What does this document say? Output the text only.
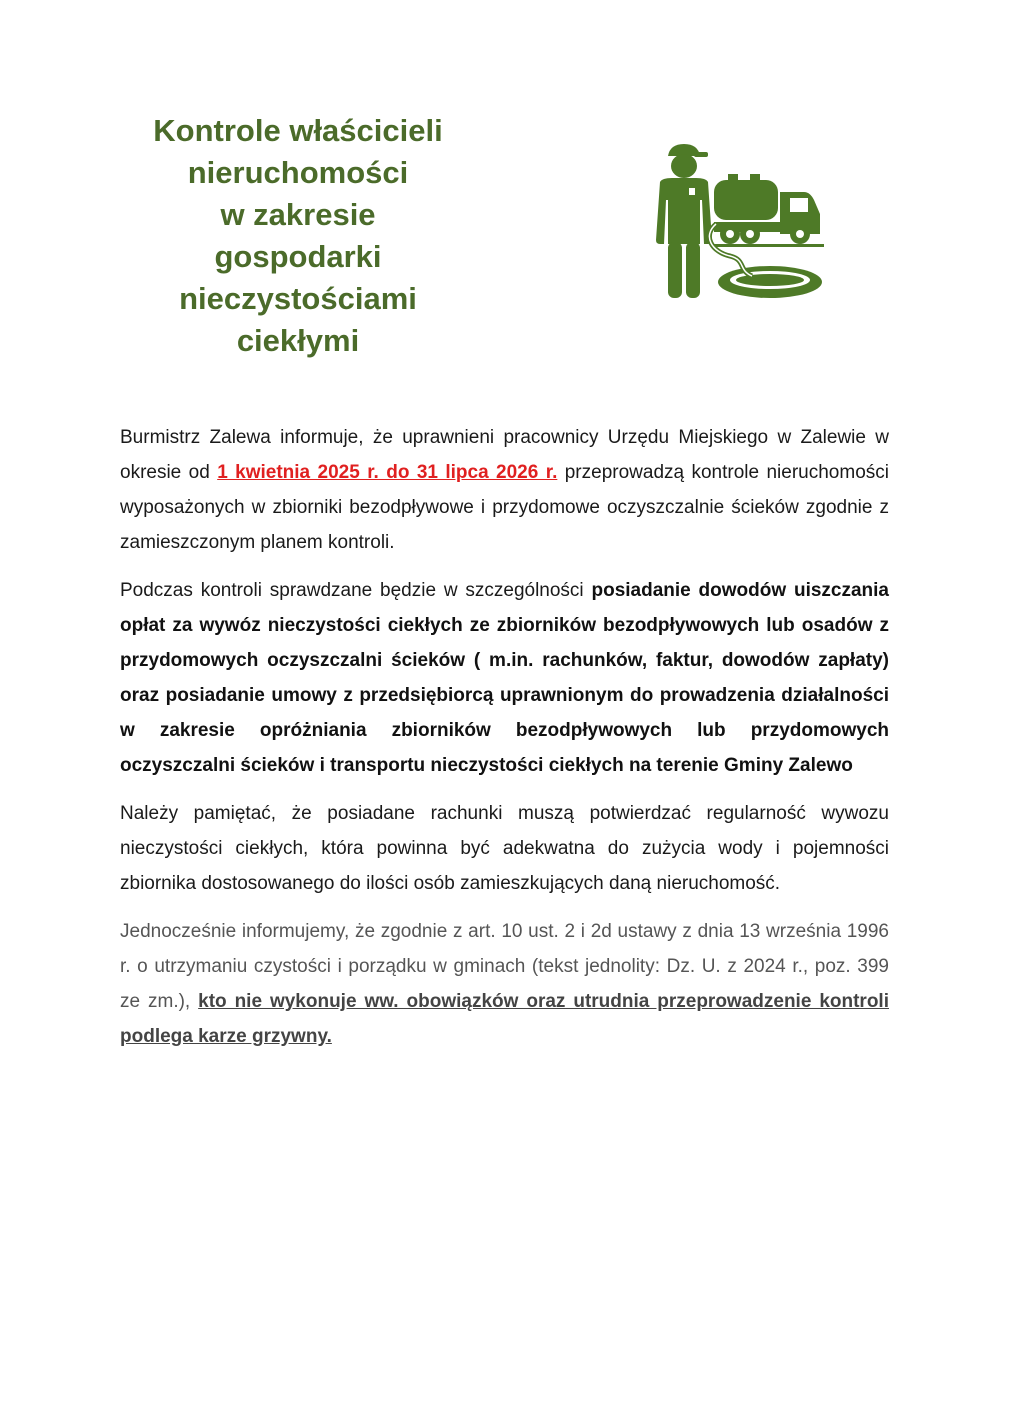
Kontrole właścicieli
nieruchomości
w zakresie
gospodarki
nieczystościami
ciekłymi

Burmistrz Zalewa informuje, że uprawnieni pracownicy Urzędu Miejskiego w Zalewie w okresie od 1 kwietnia 2025 r. do 31 lipca 2026 r. przeprowadzą kontrole nieruchomości wyposażonych w zbiorniki bezodpływowe i przydomowe oczyszczalnie ścieków zgodnie z zamieszczonym planem kontroli.

Podczas kontroli sprawdzane będzie w szczególności posiadanie dowodów uiszczania opłat za wywóz nieczystości ciekłych ze zbiorników bezodpływowych lub osadów z przydomowych oczyszczalni ścieków ( m.in. rachunków, faktur, dowodów zapłaty) oraz posiadanie umowy z przedsiębiorcą uprawnionym do prowadzenia działalności w zakresie opróżniania zbiorników bezodpływowych lub przydomowych oczyszczalni ścieków i transportu nieczystości ciekłych na terenie Gminy Zalewo

Należy pamiętać, że posiadane rachunki muszą potwierdzać regularność wywozu nieczystości ciekłych, która powinna być adekwatna do zużycia wody i pojemności zbiornika dostosowanego do ilości osób zamieszkujących daną nieruchomość.

Jednocześnie informujemy, że zgodnie z art. 10 ust. 2 i 2d ustawy z dnia 13 września 1996 r. o utrzymaniu czystości i porządku w gminach (tekst jednolity: Dz. U. z 2024 r., poz. 399 ze zm.), kto nie wykonuje ww. obowiązków oraz utrudnia przeprowadzenie kontroli podlega karze grzywny.
